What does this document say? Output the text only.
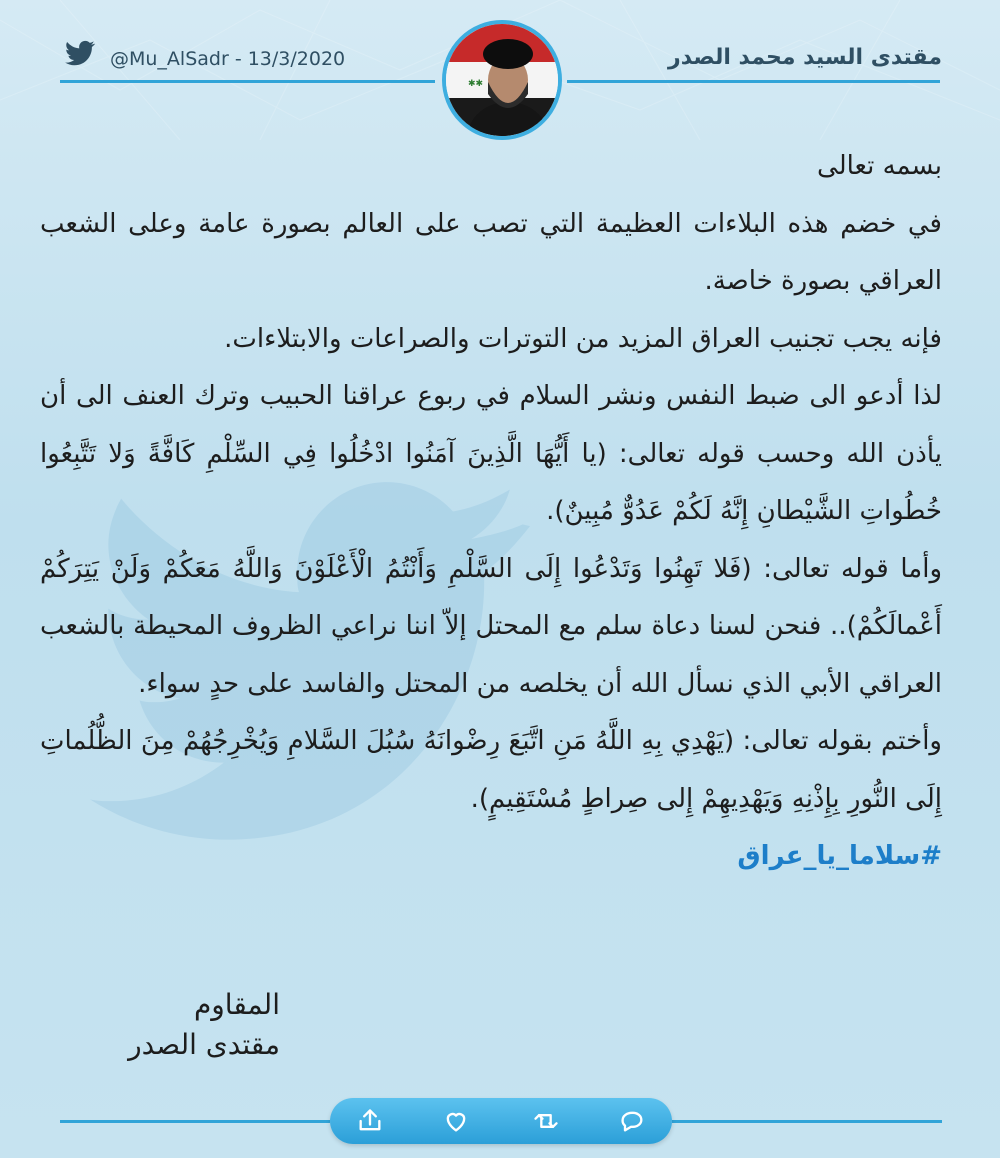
@Mu_AlSadr - 13/3/2020	مقتدى السيد محمد الصدر
✱✱

بسمه تعالى

في خضم هذه البلاءات العظيمة التي تصب على العالم بصورة عامة وعلى الشعب العراقي بصورة خاصة.

فإنه يجب تجنيب العراق المزيد من التوترات والصراعات والابتلاءات.

لذا أدعو الى ضبط النفس ونشر السلام في ربوع عراقنا الحبيب وترك العنف الى أن يأذن الله وحسب قوله تعالى: (يا أَيُّهَا الَّذِينَ آمَنُوا ادْخُلُوا فِي السِّلْمِ كَافَّةً وَلا تَتَّبِعُوا خُطُواتِ الشَّيْطانِ إِنَّهُ لَكُمْ عَدُوٌّ مُبِينٌ).

وأما قوله تعالى: (فَلا تَهِنُوا وَتَدْعُوا إِلَى السَّلْمِ وَأَنْتُمُ الْأَعْلَوْنَ وَاللَّهُ مَعَكُمْ وَلَنْ يَتِرَكُمْ أَعْمالَكُمْ).. فنحن لسنا دعاة سلم مع المحتل إلاّ اننا نراعي الظروف المحيطة بالشعب العراقي الأبي الذي نسأل الله أن يخلصه من المحتل والفاسد على حدٍ سواء.

وأختم بقوله تعالى: (يَهْدِي بِهِ اللَّهُ مَنِ اتَّبَعَ رِضْوانَهُ سُبُلَ السَّلامِ وَيُخْرِجُهُمْ مِنَ الظُّلُماتِ إِلَى النُّورِ بِإِذْنِهِ وَيَهْدِيهِمْ إِلى صِراطٍ مُسْتَقِيمٍ).

#سلاما_يا_عراق

المقاوم
مقتدى الصدر
